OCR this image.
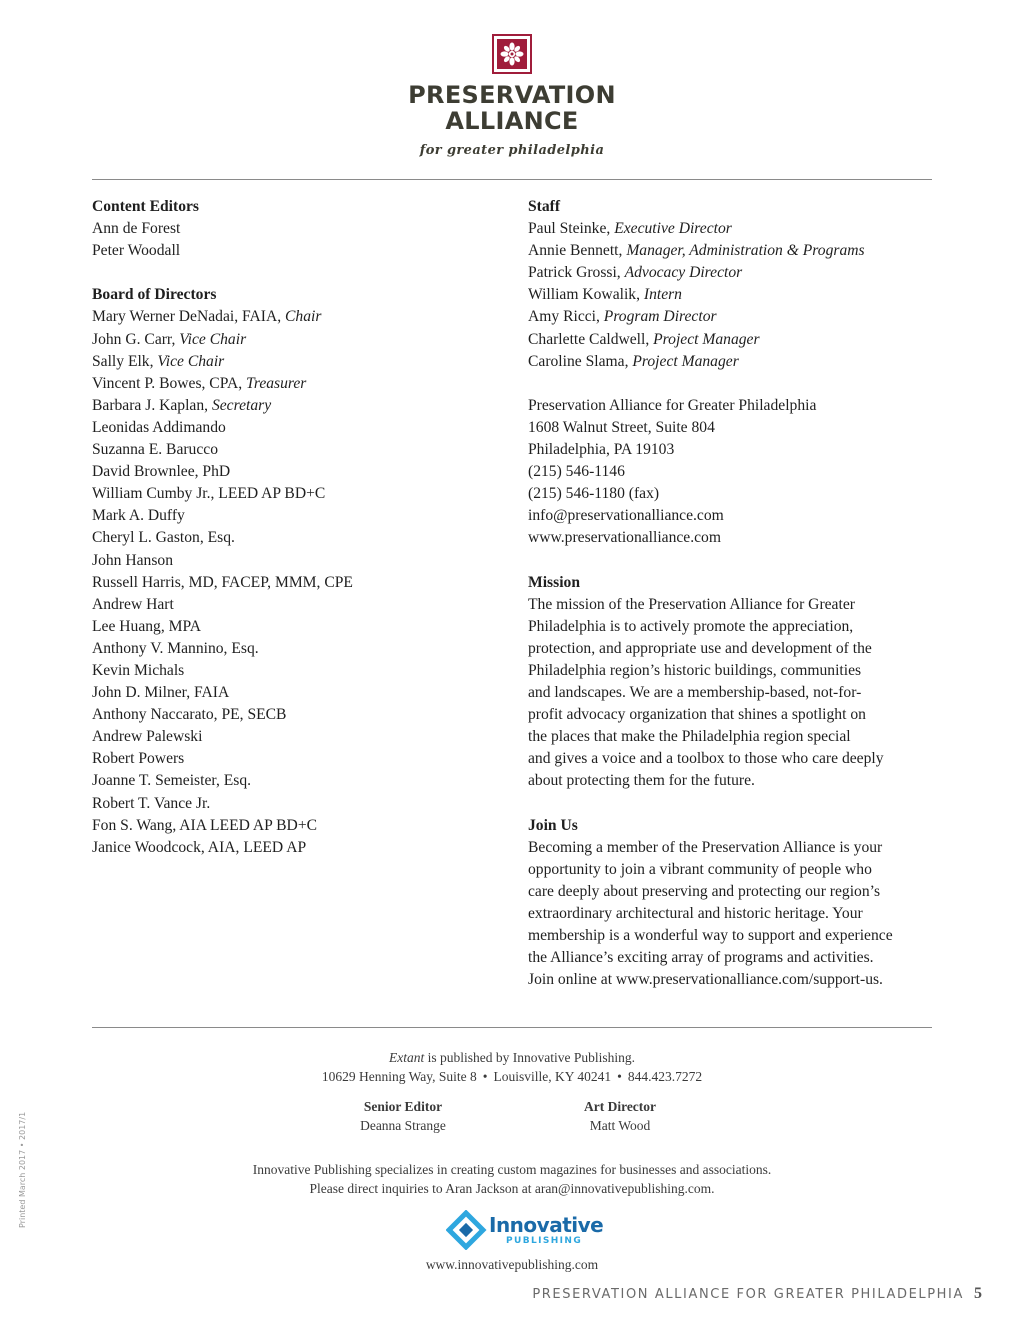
PRESERVATION
ALLIANCE
for greater philadelphia
Content Editors
Ann de Forest
Peter Woodall
Board of Directors
Mary Werner DeNadai, FAIA, Chair
John G. Carr, Vice Chair
Sally Elk, Vice Chair
Vincent P. Bowes, CPA, Treasurer
Barbara J. Kaplan, Secretary
Leonidas Addimando
Suzanna E. Barucco
David Brownlee, PhD
William Cumby Jr., LEED AP BD+C
Mark A. Duffy
Cheryl L. Gaston, Esq.
John Hanson
Russell Harris, MD, FACEP, MMM, CPE
Andrew Hart
Lee Huang, MPA
Anthony V. Mannino, Esq.
Kevin Michals
John D. Milner, FAIA
Anthony Naccarato, PE, SECB
Andrew Palewski
Robert Powers
Joanne T. Semeister, Esq.
Robert T. Vance Jr.
Fon S. Wang, AIA LEED AP BD+C
Janice Woodcock, AIA, LEED AP
Staff
Paul Steinke, Executive Director
Annie Bennett, Manager, Administration & Programs
Patrick Grossi, Advocacy Director
William Kowalik, Intern
Amy Ricci, Program Director
Charlette Caldwell, Project Manager
Caroline Slama, Project Manager
Preservation Alliance for Greater Philadelphia
1608 Walnut Street, Suite 804
Philadelphia, PA 19103
(215) 546-1146
(215) 546-1180 (fax)
info@preservationalliance.com
www.preservationalliance.com
Mission
The mission of the Preservation Alliance for Greater
Philadelphia is to actively promote the appreciation,
protection, and appropriate use and development of the
Philadelphia region’s historic buildings, communities
and landscapes. We are a membership-based, not-for-
profit advocacy organization that shines a spotlight on
the places that make the Philadelphia region special
and gives a voice and a toolbox to those who care deeply
about protecting them for the future.
Join Us
Becoming a member of the Preservation Alliance is your
opportunity to join a vibrant community of people who
care deeply about preserving and protecting our region’s
extraordinary architectural and historic heritage. Your
membership is a wonderful way to support and experience
the Alliance’s exciting array of programs and activities.
Join online at www.preservationalliance.com/support-us.
Extant is published by Innovative Publishing.
10629 Henning Way, Suite 8 • Louisville, KY 40241 • 844.423.7272
Senior Editor
Deanna Strange
Art Director
Matt Wood
Innovative Publishing specializes in creating custom magazines for businesses and associations.
Please direct inquiries to Aran Jackson at aran@innovativepublishing.com.
Innovative
PUBLISHING
www.innovativepublishing.com
Printed March 2017 • 2017/1
PRESERVATION ALLIANCE FOR GREATER PHILADELPHIA 5
